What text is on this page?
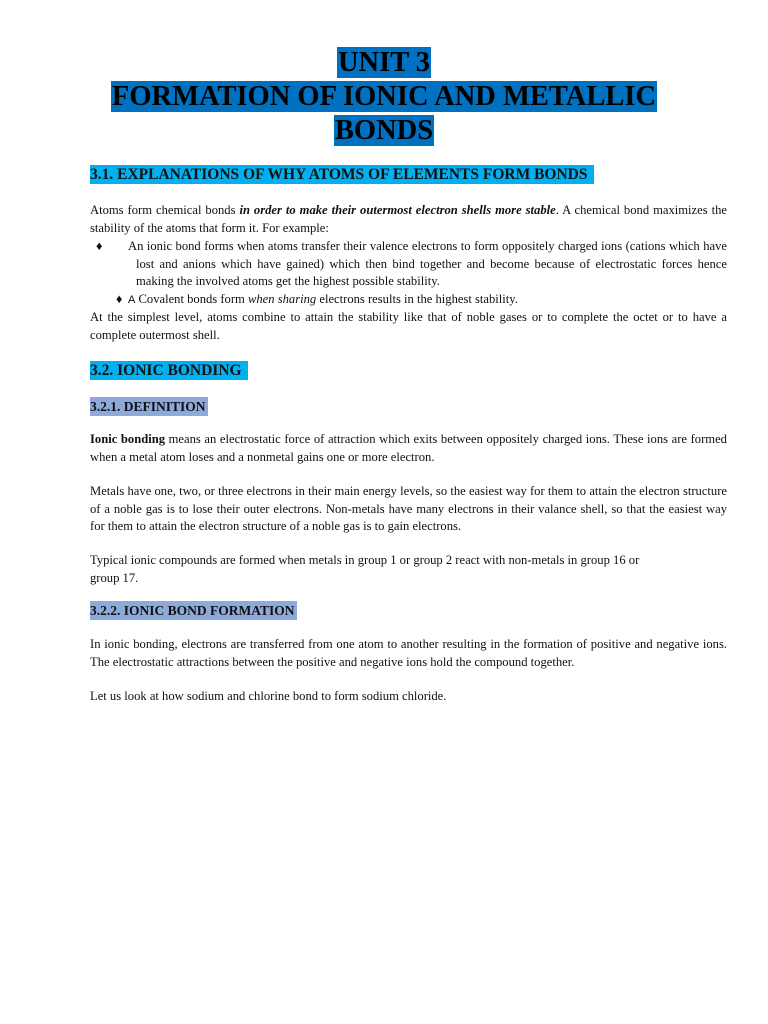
UNIT 3
FORMATION OF IONIC AND METALLIC
BONDS
3.1. EXPLANATIONS OF WHY ATOMS OF ELEMENTS FORM BONDS
Atoms form chemical bonds in order to make their outermost electron shells more stable. A chemical bond maximizes the stability of the atoms that form it. For example:
♦ An ionic bond forms when atoms transfer their valence electrons to form oppositely charged ions (cations which have lost and anions which have gained) which then bind together and become because of electrostatic forces hence making the involved atoms get the highest possible stability.
♦ A Covalent bonds form when sharing electrons results in the highest stability.
At the simplest level, atoms combine to attain the stability like that of noble gases or to complete the octet or to have a complete outermost shell.
3.2. IONIC BONDING
3.2.1. DEFINITION
Ionic bonding means an electrostatic force of attraction which exits between oppositely charged ions. These ions are formed when a metal atom loses and a nonmetal gains one or more electron.
Metals have one, two, or three electrons in their main energy levels, so the easiest way for them to attain the electron structure of a noble gas is to lose their outer electrons. Non-metals have many electrons in their valance shell, so that the easiest way for them to attain the electron structure of a noble gas is to gain electrons.
Typical ionic compounds are formed when metals in group 1 or group 2 react with non-metals in group 16 or
group 17.
3.2.2. IONIC BOND FORMATION
In ionic bonding, electrons are transferred from one atom to another resulting in the formation of positive and negative ions. The electrostatic attractions between the positive and negative ions hold the compound together.
Let us look at how sodium and chlorine bond to form sodium chloride.
